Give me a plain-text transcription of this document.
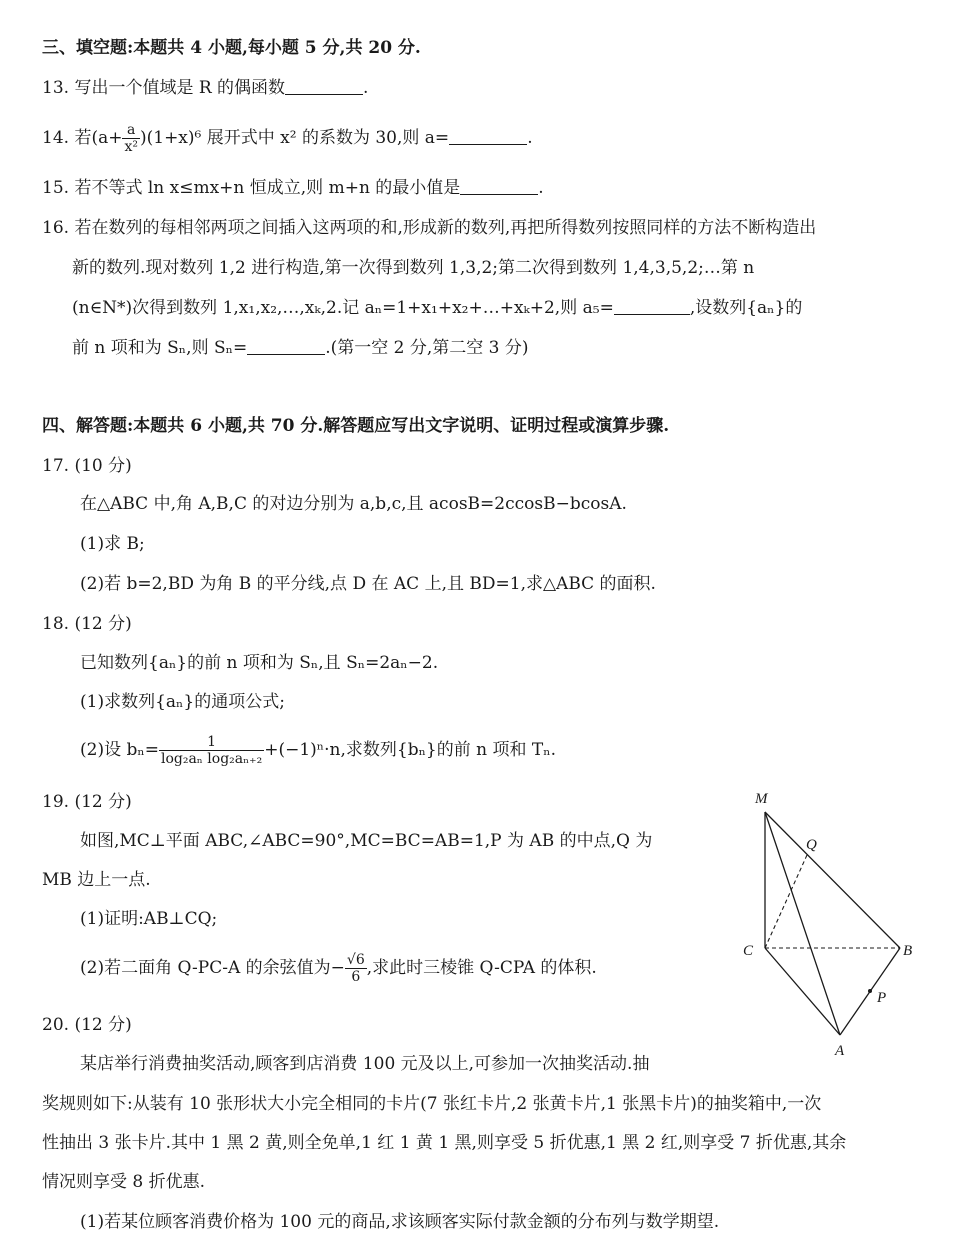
三、填空题:本题共 4 小题,每小题 5 分,共 20 分.
13. 写出一个值域是 R 的偶函数	.
14. 若$(a+ \frac{a}{\text{x²}} )(1+x)^6$ 展开式中 x² 的系数为 30,则 a=	.
15. 若不等式 ln x≤mx+n 恒成立,则 m+n 的最小值是	.
16. 若在数列的每相邻两项之间插入这两项的和,形成新的数列,再把所得数列按照同样的方法不断构造出
新的数列.现对数列 1,2 进行构造,第一次得到数列 1,3,2;第二次得到数列 1,4,3,5,2;…第 n
(n∈N*)次得到数列 1,x₁,x₂,…,xₖ,2.记 aₙ=1+x₁+x₂+…+xₖ+2,则 a₅=	,设数列{aₙ}的
前 n 项和为 Sₙ,则 Sₙ=	.(第一空 2 分,第二空 3 分)
四、解答题:本题共 6 小题,共 70 分.解答题应写出文字说明、证明过程或演算步骤.
17. (10 分)
在△ABC 中,角 A,B,C 的对边分别为 a,b,c,且 acosB=2ccosB−bcosA.
(1)求 B;
(2)若 b=2,BD 为角 B 的平分线,点 D 在 AC 上,且 BD=1,求△ABC 的面积.
18. (12 分)
已知数列{aₙ}的前 n 项和为 Sₙ,且 Sₙ=2aₙ−2.
(1)求数列{aₙ}的通项公式;
(2)设 $b_n= \frac{1}{\text{log₂aₙ log₂aₙ₊₂}} +(-1)^n\cdot n$,求数列{bₙ}的前 n 项和 Tₙ.
19. (12 分)
如图,MC⊥平面 ABC,∠ABC=90°,MC=BC=AB=1,P 为 AB 的中点,Q 为
MB 边上一点.
(1)证明:AB⊥CQ;
(2)若二面角 Q-PC-A 的余弦值为− $\frac{√6}{6}$ ,求此时三棱锥 Q-CPA 的体积.
M
Q
C	B
P
A
20. (12 分)
某店举行消费抽奖活动,顾客到店消费 100 元及以上,可参加一次抽奖活动.抽
奖规则如下:从装有 10 张形状大小完全相同的卡片(7 张红卡片,2 张黄卡片,1 张黑卡片)的抽奖箱中,一次
性抽出 3 张卡片.其中 1 黑 2 黄,则全免单,1 红 1 黄 1 黑,则享受 5 折优惠,1 黑 2 红,则享受 7 折优惠,其余
情况则享受 8 折优惠.
(1)若某位顾客消费价格为 100 元的商品,求该顾客实际付款金额的分布列与数学期望.
